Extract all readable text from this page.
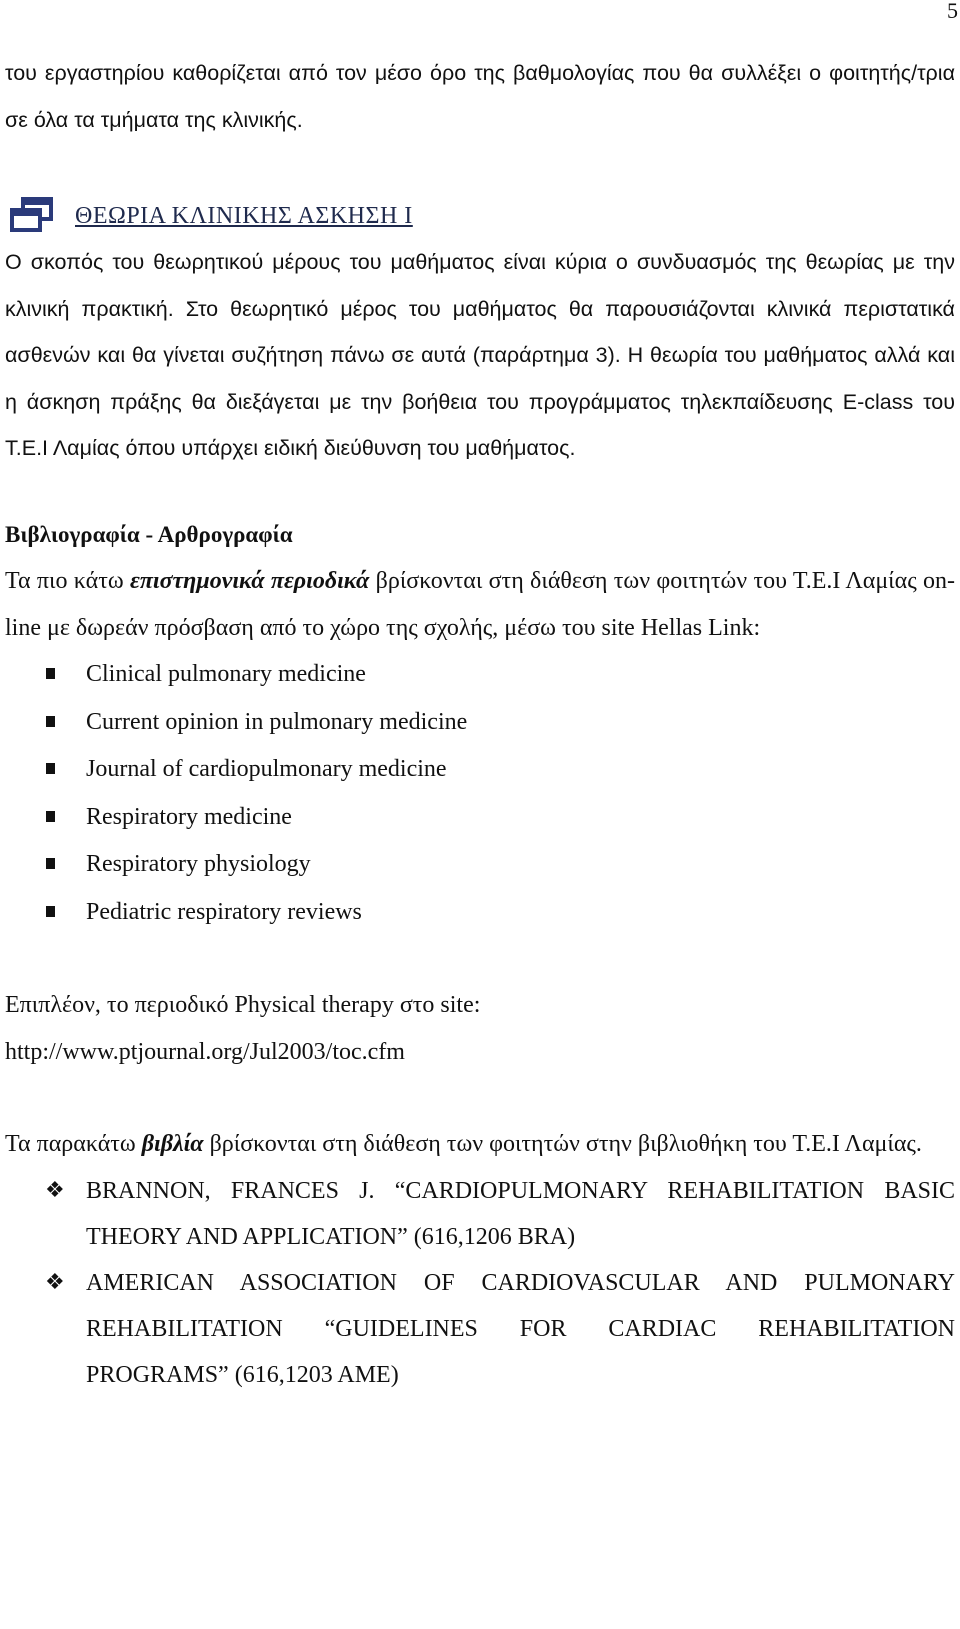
5

του εργαστηρίου καθορίζεται από τον μέσο όρο της βαθμολογίας που θα συλλέξει ο φοιτητής/τρια σε όλα τα τμήματα της κλινικής.

ΘΕΩΡΙΑ ΚΛΙΝΙΚΗΣ ΑΣΚΗΣΗ Ι

Ο σκοπός του θεωρητικού μέρους του μαθήματος είναι κύρια ο συνδυασμός της θεωρίας με την κλινική πρακτική. Στο θεωρητικό μέρος του μαθήματος θα παρουσιάζονται κλινικά περιστατικά ασθενών και θα γίνεται συζήτηση πάνω σε αυτά (παράρτημα 3). Η θεωρία του μαθήματος αλλά και η άσκηση πράξης θα διεξάγεται με την βοήθεια του προγράμματος τηλεκπαίδευσης E-class του Τ.Ε.Ι Λαμίας όπου υπάρχει ειδική διεύθυνση του μαθήματος.

Βιβλιογραφία - Αρθρογραφία

Τα πιο κάτω επιστημονικά περιοδικά βρίσκονται στη διάθεση των φοιτητών του Τ.Ε.Ι Λαμίας on-line με δωρεάν πρόσβαση από το χώρο της σχολής, μέσω του site Hellas Link:

Clinical pulmonary medicine
Current opinion in pulmonary medicine
Journal of cardiopulmonary medicine
Respiratory medicine
Respiratory physiology
Pediatric respiratory reviews

Επιπλέον, το περιοδικό Physical therapy στο site:

http://www.ptjournal.org/Jul2003/toc.cfm

Τα παρακάτω βιβλία βρίσκονται στη διάθεση των φοιτητών στην βιβλιοθήκη του Τ.Ε.Ι Λαμίας.

❖ BRANNON, FRANCES J. “CARDIOPULMONARY REHABILITATION BASIC THEORY AND APPLICATION” (616,1206 BRA)
❖ AMERICAN ASSOCIATION OF CARDIOVASCULAR AND PULMONARY REHABILITATION “GUIDELINES FOR CARDIAC REHABILITATION PROGRAMS” (616,1203 AME)
